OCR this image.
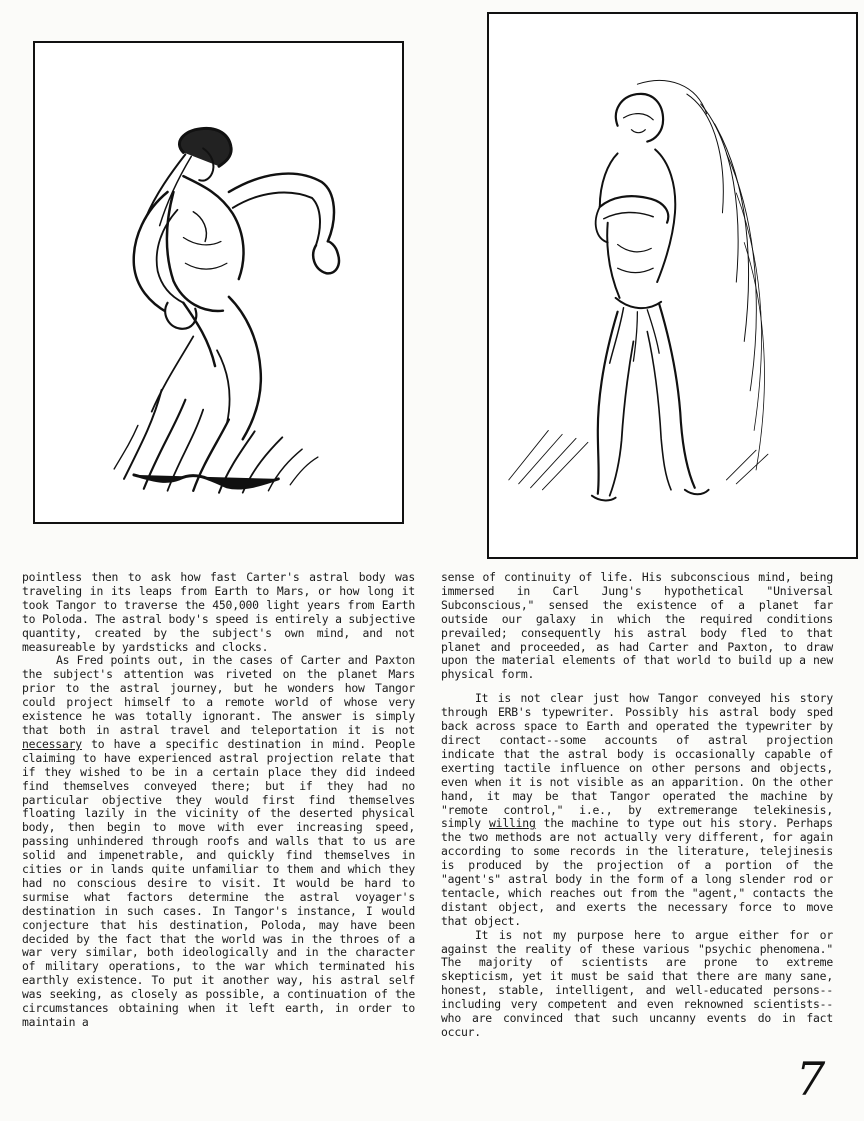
pointless then to ask how fast Carter's astral body was traveling in its leaps from Earth to Mars, or how long it took Tangor to traverse the 450,000 light years from Earth to Poloda. The astral body's speed is entirely a subjective quantity, created by the subject's own mind, and not measureable by yardsticks and clocks.

As Fred points out, in the cases of Carter and Paxton the subject's attention was riveted on the planet Mars prior to the astral journey, but he wonders how Tangor could project himself to a remote world of whose very existence he was totally ignorant. The answer is simply that both in astral travel and teleportation it is not necessary to have a specific destination in mind. People claiming to have experienced astral projection relate that if they wished to be in a certain place they did indeed find themselves conveyed there; but if they had no particular objective they would first find themselves floating lazily in the vicinity of the deserted physical body, then begin to move with ever increasing speed, passing unhindered through roofs and walls that to us are solid and impenetrable, and quickly find themselves in cities or in lands quite unfamiliar to them and which they had no conscious desire to visit. It would be hard to surmise what factors determine the astral voyager's destination in such cases. In Tangor's instance, I would conjecture that his destination, Poloda, may have been decided by the fact that the world was in the throes of a war very similar, both ideologically and in the character of military operations, to the war which terminated his earthly existence. To put it another way, his astral self was seeking, as closely as possible, a continuation of the circumstances obtaining when it left earth, in order to maintain a

sense of continuity of life. His subconscious mind, being immersed in Carl Jung's hypothetical "Universal Subconscious," sensed the existence of a planet far outside our galaxy in which the required conditions prevailed; consequently his astral body fled to that planet and proceeded, as had Carter and Paxton, to draw upon the material elements of that world to build up a new physical form.

It is not clear just how Tangor conveyed his story through ERB's typewriter. Possibly his astral body sped back across space to Earth and operated the typewriter by direct contact--some accounts of astral projection indicate that the astral body is occasionally capable of exerting tactile influence on other persons and objects, even when it is not visible as an apparition. On the other hand, it may be that Tangor operated the machine by "remote control," i.e., by extremerange telekinesis, simply willing the machine to type out his story. Perhaps the two methods are not actually very different, for again according to some records in the literature, telejinesis is produced by the projection of a portion of the "agent's" astral body in the form of a long slender rod or tentacle, which reaches out from the "agent," contacts the distant object, and exerts the necessary force to move that object.

It is not my purpose here to argue either for or against the reality of these various "psychic phenomena." The majority of scientists are prone to extreme skepticism, yet it must be said that there are many sane, honest, stable, intelligent, and well-educated persons--including very competent and even reknowned scientists--who are convinced that such uncanny events do in fact occur.

7
